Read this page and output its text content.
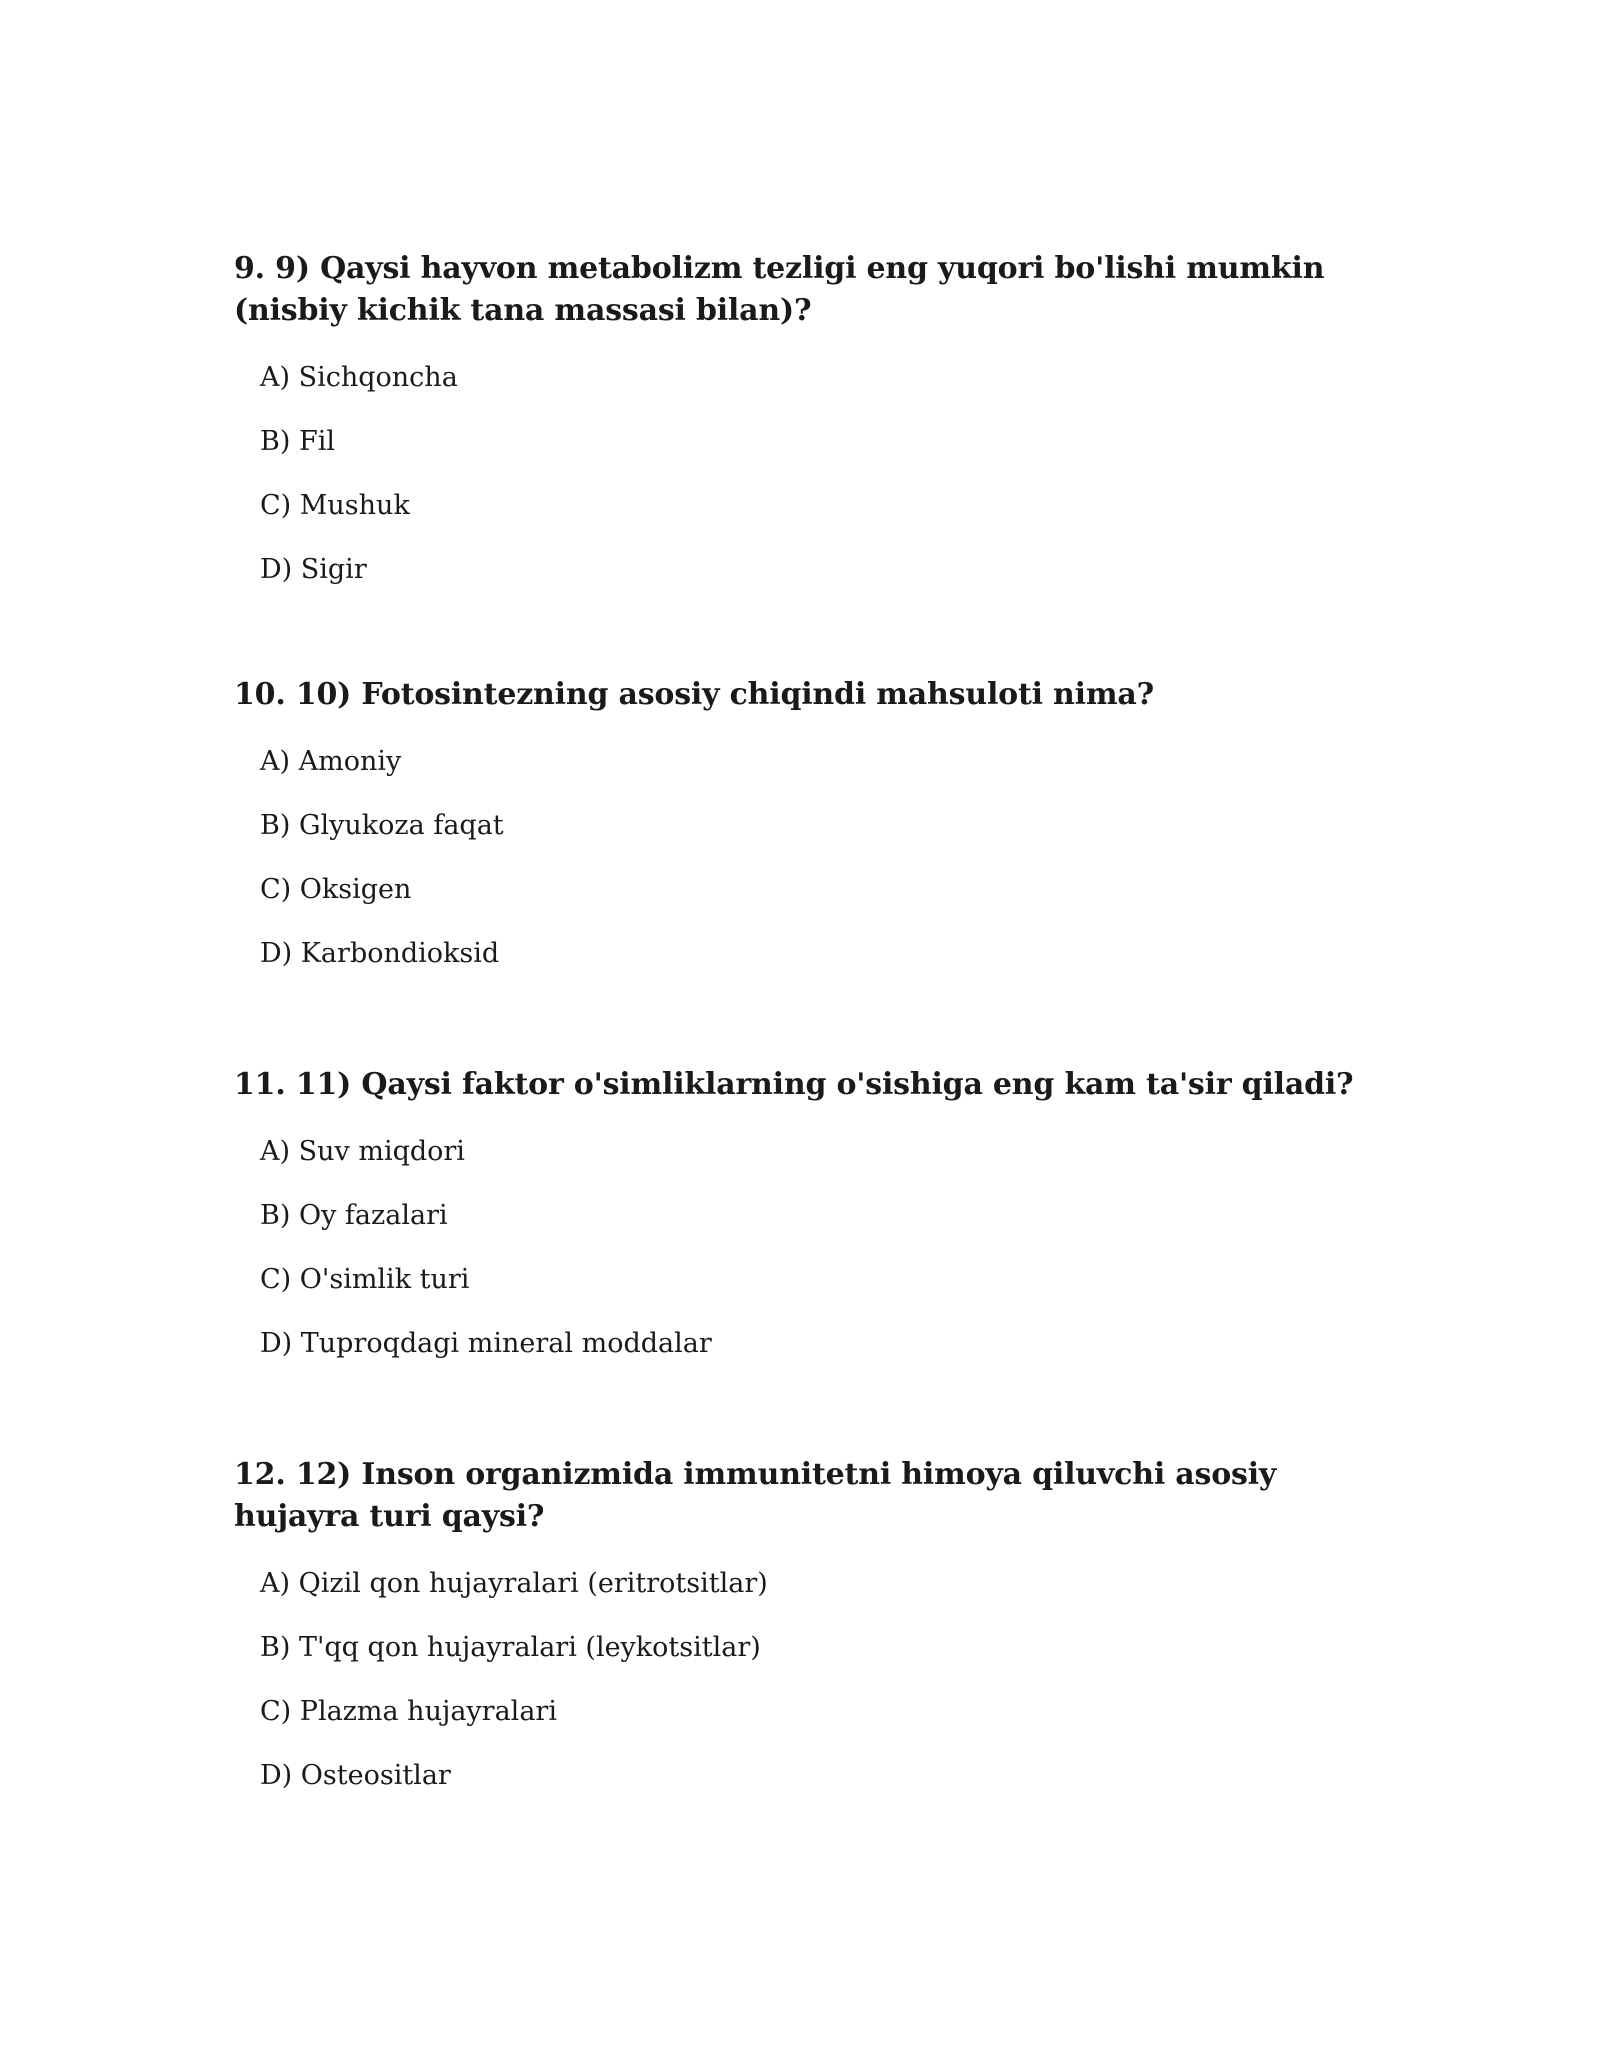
9. 9) Qaysi hayvon metabolizm tezligi eng yuqori bo'lishi mumkin (nisbiy kichik tana massasi bilan)?

A) Sichqoncha
B) Fil
C) Mushuk
D) Sigir

10. 10) Fotosintezning asosiy chiqindi mahsuloti nima?

A) Amoniy
B) Glyukoza faqat
C) Oksigen
D) Karbondioksid

11. 11) Qaysi faktor o'simliklarning o'sishiga eng kam ta'sir qiladi?

A) Suv miqdori
B) Oy fazalari
C) O'simlik turi
D) Tuproqdagi mineral moddalar

12. 12) Inson organizmida immunitetni himoya qiluvchi asosiy hujayra turi qaysi?

A) Qizil qon hujayralari (eritrotsitlar)
B) T'qq qon hujayralari (leykotsitlar)
C) Plazma hujayralari
D) Osteositlar
